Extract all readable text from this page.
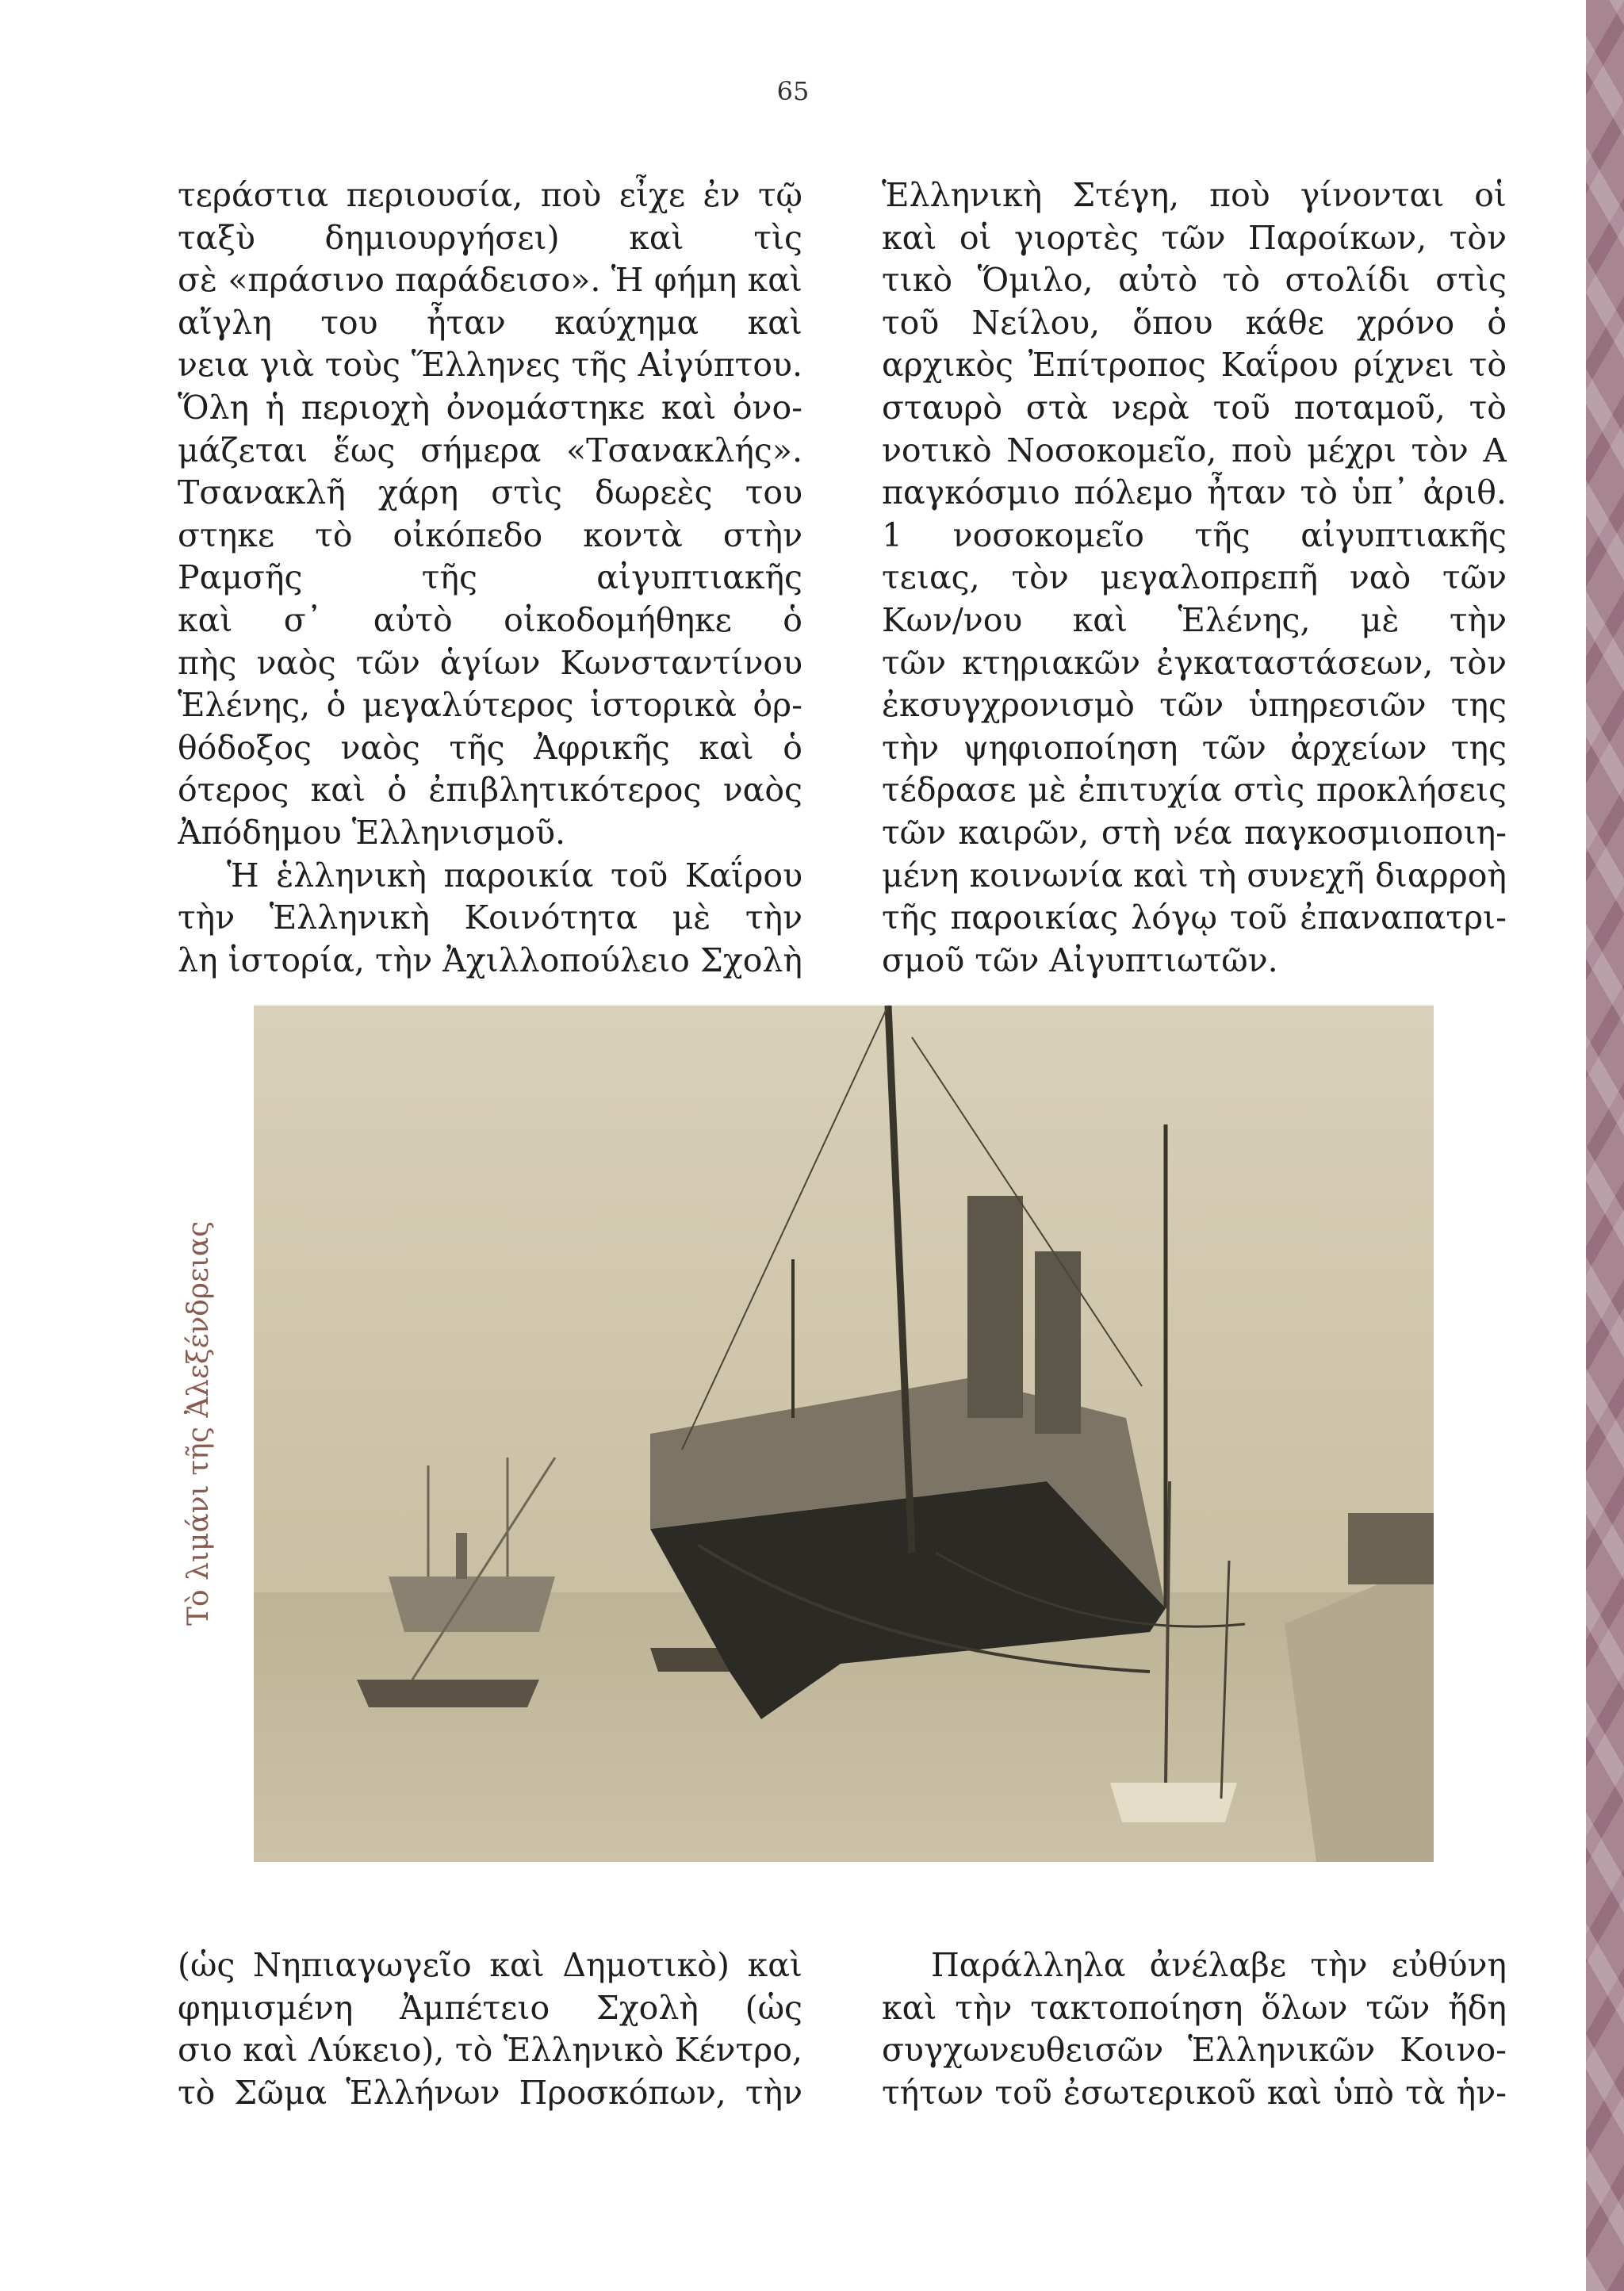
65
τεράστια περιουσία, ποὺ εἶχε ἐν τῷ
ταξὺ δημιουργήσει) καὶ τὶς
σὲ «πράσινο παράδεισο». Ἡ φήμη καὶ
αἴγλη του ἦταν καύχημα καὶ
νεια γιὰ τοὺς Ἕλληνες τῆς Αἰγύπτου.
Ὅλη ἡ περιοχὴ ὀνομάστηκε καὶ ὀνο-
μάζεται ἕως σήμερα «Τσανακλής».
Τσανακλῆ χάρη στὶς δωρεὲς του
στηκε τὸ οἰκόπεδο κοντὰ στὴν
Ραμσῆς τῆς αἰγυπτιακῆς
καὶ σ᾽ αὐτὸ οἰκοδομήθηκε ὁ
πὴς ναὸς τῶν ἁγίων Κωνσταντίνου
Ἑλένης, ὁ μεγαλύτερος ἱστορικὰ ὀρ-
θόδοξος ναὸς τῆς Ἀφρικῆς καὶ ὁ
ότερος καὶ ὁ ἐπιβλητικότερος ναὸς
Ἀπόδημου Ἑλληνισμοῦ.
Ἡ ἑλληνικὴ παροικία τοῦ Καΐρου
τὴν Ἑλληνικὴ Κοινότητα μὲ τὴν
λη ἱστορία, τὴν Ἀχιλλοπούλειο Σχολὴ
Ἑλληνικὴ Στέγη, ποὺ γίνονται οἱ
καὶ οἱ γιορτὲς τῶν Παροίκων, τὸν
τικὸ Ὅμιλο, αὐτὸ τὸ στολίδι στὶς
τοῦ Νείλου, ὅπου κάθε χρόνο ὁ
αρχικὸς Ἐπίτροπος Καΐρου ρίχνει τὸ
σταυρὸ στὰ νερὰ τοῦ ποταμοῦ, τὸ
νοτικὸ Νοσοκομεῖο, ποὺ μέχρι τὸν Α
παγκόσμιο πόλεμο ἦταν τὸ ὑπ᾽ ἀριθ.
1 νοσοκομεῖο τῆς αἰγυπτιακῆς
τειας, τὸν μεγαλοπρεπῆ ναὸ τῶν
Κων/νου καὶ Ἑλένης, μὲ τὴν
τῶν κτηριακῶν ἐγκαταστάσεων, τὸν
ἐκσυγχρονισμὸ τῶν ὑπηρεσιῶν της
τὴν ψηφιοποίηση τῶν ἀρχείων της
τέδρασε μὲ ἐπιτυχία στὶς προκλήσεις
τῶν καιρῶν, στὴ νέα παγκοσμιοποιη-
μένη κοινωνία καὶ τὴ συνεχῆ διαρροὴ
τῆς παροικίας λόγῳ τοῦ ἐπαναπατρι-
σμοῦ τῶν Αἰγυπτιωτῶν.
Τὸ λιμάνι τῆς Ἀλεξένδρειας
(ὡς Νηπιαγωγεῖο καὶ Δημοτικὸ) καὶ
φημισμένη Ἀμπέτειο Σχολὴ (ὡς
σιο καὶ Λύκειο), τὸ Ἑλληνικὸ Κέντρο,
τὸ Σῶμα Ἑλλήνων Προσκόπων, τὴν
Παράλληλα ἀνέλαβε τὴν εὐθύνη
καὶ τὴν τακτοποίηση ὅλων τῶν ἤδη
συγχωνευθεισῶν Ἑλληνικῶν Κοινο-
τήτων τοῦ ἐσωτερικοῦ καὶ ὑπὸ τὰ ἡν-
